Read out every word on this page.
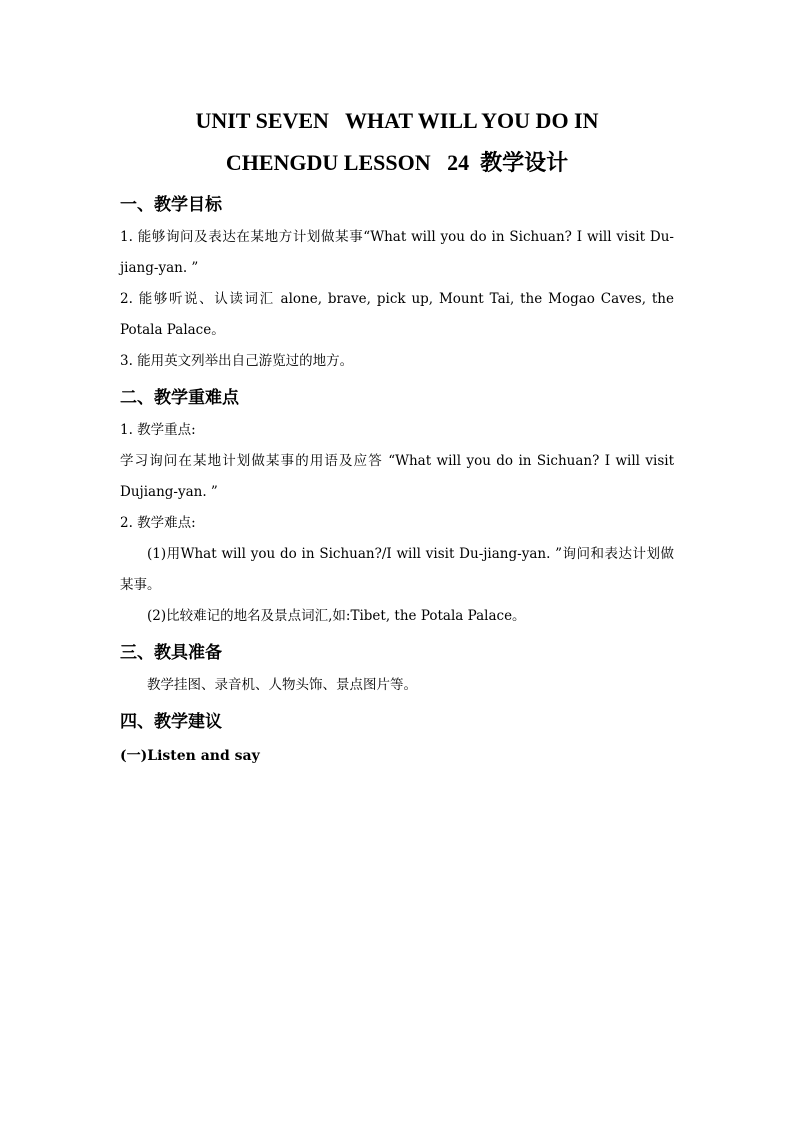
UNIT SEVEN   WHAT WILL YOU DO IN

CHENGDU LESSON   24  教学设计

一、教学目标

1. 能够询问及表达在某地方计划做某事“What will you do in Sichuan? I will visit Du-jiang-yan. ”

2. 能够听说、认读词汇 alone, brave, pick up, Mount Tai, the Mogao Caves, the Potala Palace。

3. 能用英文列举出自己游览过的地方。

二、教学重难点

1. 教学重点:

学习询问在某地计划做某事的用语及应答 “What will you do in Sichuan? I will visit Dujiang-yan. ”

2. 教学难点:

(1)用What will you do in Sichuan?/I will visit Du-jiang-yan. ”询问和表达计划做某事。

(2)比较难记的地名及景点词汇,如:Tibet, the Potala Palace。

三、教具准备

教学挂图、录音机、人物头饰、景点图片等。

四、教学建议

(一)Listen and say
